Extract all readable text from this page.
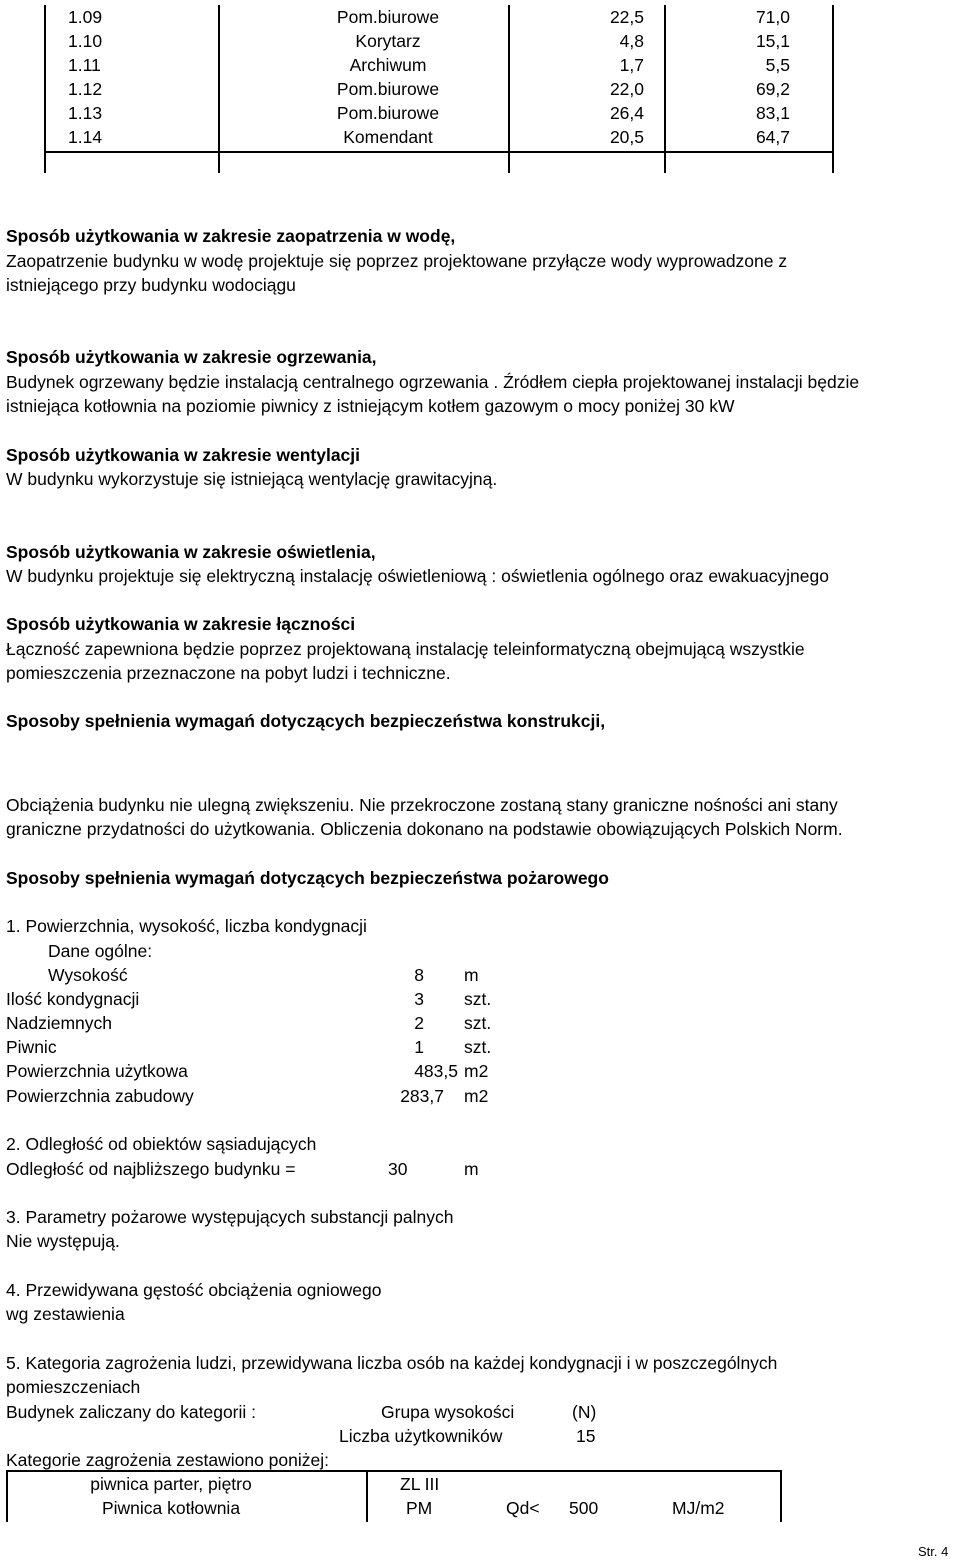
1.09	Pom.biurowe	22,5	71,0
1.10	Korytarz	4,8	15,1
1.11	Archiwum	1,7	5,5
1.12	Pom.biurowe	22,0	69,2
1.13	Pom.biurowe	26,4	83,1
1.14	Komendant	20,5	64,7
Sposób użytkowania w zakresie zaopatrzenia w wodę,
Zaopatrzenie budynku w wodę projektuje się poprzez projektowane przyłącze wody wyprowadzone z
istniejącego przy budynku wodociągu
Sposób użytkowania w zakresie ogrzewania,
Budynek ogrzewany będzie instalacją centralnego ogrzewania . Źródłem ciepła projektowanej instalacji będzie
istniejąca kotłownia na poziomie piwnicy z istniejącym kotłem gazowym o mocy poniżej 30 kW
Sposób użytkowania w zakresie wentylacji
W budynku wykorzystuje się istniejącą wentylację grawitacyjną.
Sposób użytkowania w zakresie oświetlenia,
W budynku projektuje się elektryczną instalację oświetleniową : oświetlenia ogólnego oraz ewakuacyjnego
Sposób użytkowania w zakresie łączności
Łączność zapewniona będzie poprzez projektowaną instalację teleinformatyczną obejmującą wszystkie
pomieszczenia przeznaczone na pobyt ludzi i techniczne.
Sposoby spełnienia wymagań dotyczących bezpieczeństwa konstrukcji,
Obciążenia budynku nie ulegną zwiększeniu. Nie przekroczone zostaną stany graniczne nośności ani stany
graniczne przydatności do użytkowania. Obliczenia dokonano na podstawie obowiązujących Polskich Norm.
Sposoby spełnienia wymagań dotyczących bezpieczeństwa pożarowego
1. Powierzchnia, wysokość, liczba kondygnacji
Dane ogólne:
Wysokość	8 m
Ilość kondygnacji	3 szt.
Nadziemnych	2 szt.
Piwnic	1 szt.
Powierzchnia użytkowa	483,5 m2
Powierzchnia zabudowy	283,7 m2
2. Odległość od obiektów sąsiadujących
Odległość od najbliższego budynku =	30	m
3. Parametry pożarowe występujących substancji palnych
Nie występują.
4. Przewidywana gęstość obciążenia ogniowego
wg zestawienia
5. Kategoria zagrożenia ludzi, przewidywana liczba osób na każdej kondygnacji i w poszczególnych
pomieszczeniach
Budynek zaliczany do kategorii :	Grupa wysokości	(N)
Liczba użytkowników	15
Kategorie zagrożenia zestawiono poniżej:
piwnica parter, piętro	ZL III
Piwnica kotłownia	PM	Qd< 500	MJ/m2
Str. 4
